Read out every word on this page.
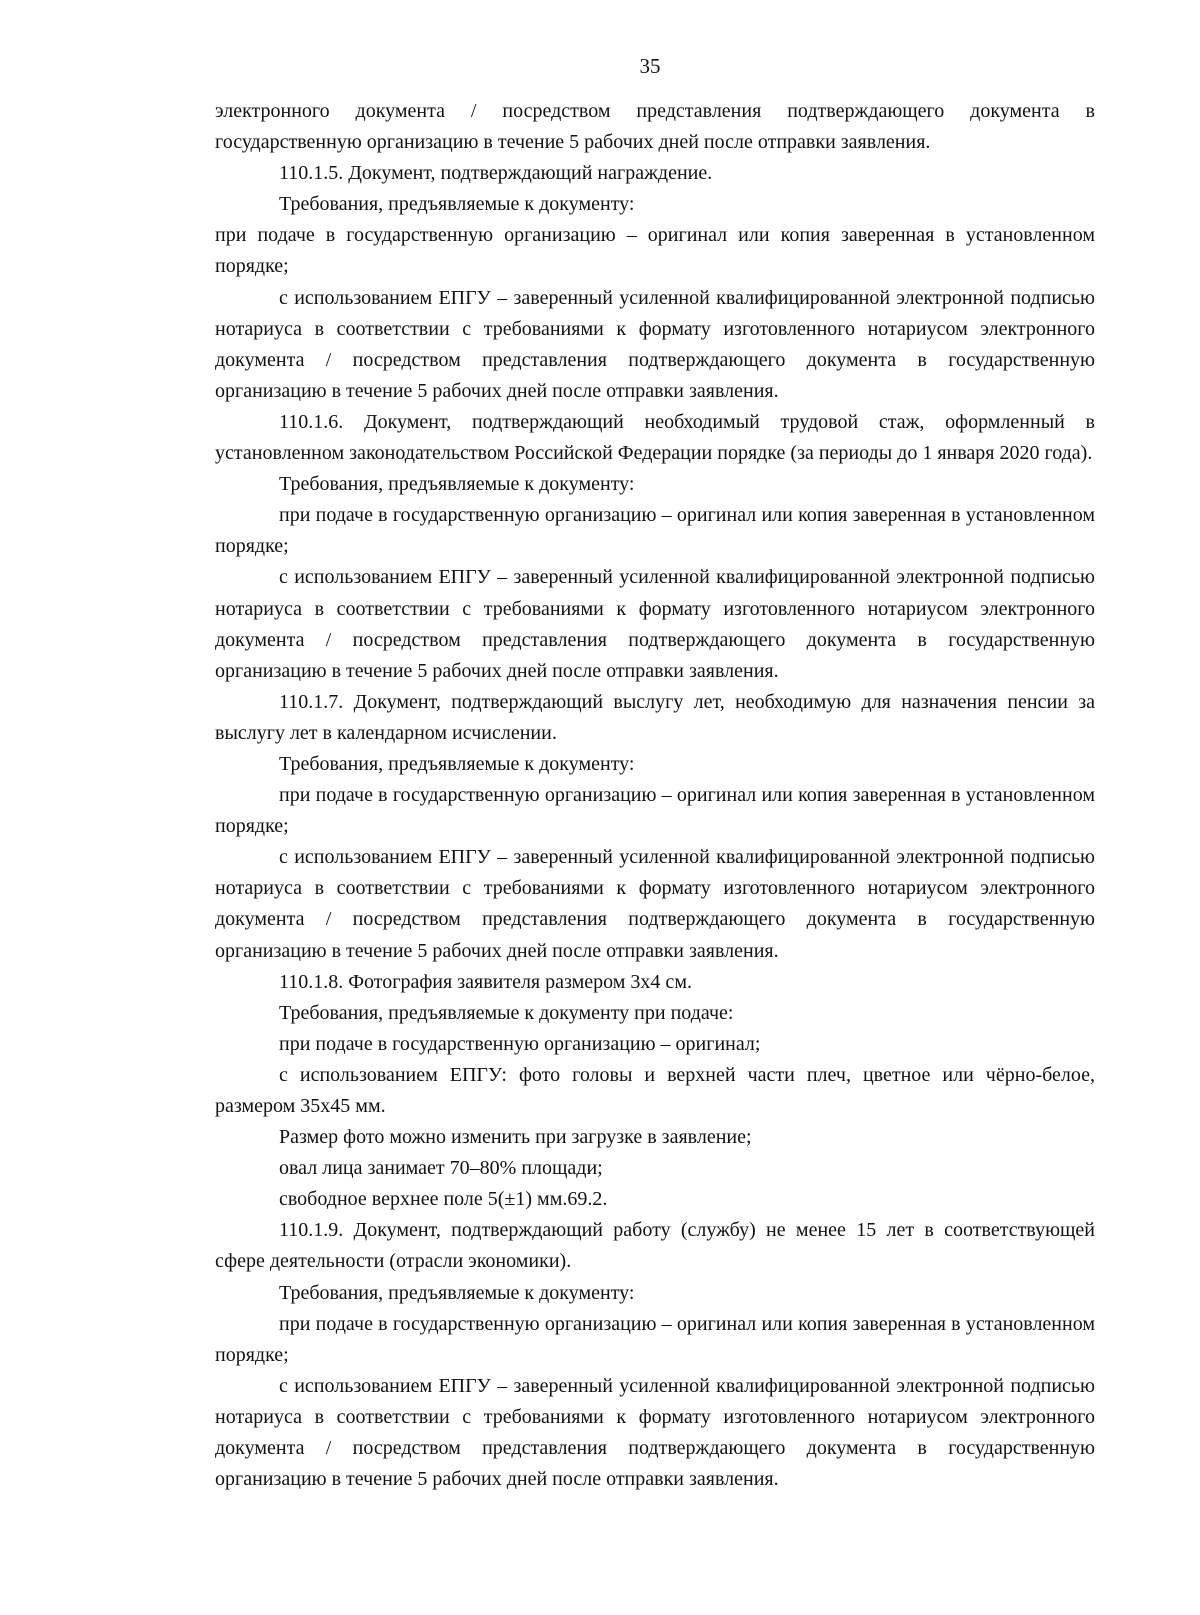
35

электронного документа / посредством представления подтверждающего документа в государственную организацию в течение 5 рабочих дней после отправки заявления.

110.1.5. Документ, подтверждающий награждение.

Требования, предъявляемые к документу:

при подаче в государственную организацию – оригинал или копия заверенная в установленном порядке;

с использованием ЕПГУ – заверенный усиленной квалифицированной электронной подписью нотариуса в соответствии с требованиями к формату изготовленного нотариусом электронного документа / посредством представления подтверждающего документа в государственную организацию в течение 5 рабочих дней после отправки заявления.

110.1.6. Документ, подтверждающий необходимый трудовой стаж, оформленный в установленном законодательством Российской Федерации порядке (за периоды до 1 января 2020 года).

Требования, предъявляемые к документу:

при подаче в государственную организацию – оригинал или копия заверенная в установленном порядке;

с использованием ЕПГУ – заверенный усиленной квалифицированной электронной подписью нотариуса в соответствии с требованиями к формату изготовленного нотариусом электронного документа / посредством представления подтверждающего документа в государственную организацию в течение 5 рабочих дней после отправки заявления.

110.1.7. Документ, подтверждающий выслугу лет, необходимую для назначения пенсии за выслугу лет в календарном исчислении.

Требования, предъявляемые к документу:

при подаче в государственную организацию – оригинал или копия заверенная в установленном порядке;

с использованием ЕПГУ – заверенный усиленной квалифицированной электронной подписью нотариуса в соответствии с требованиями к формату изготовленного нотариусом электронного документа / посредством представления подтверждающего документа в государственную организацию в течение 5 рабочих дней после отправки заявления.

110.1.8. Фотография заявителя размером 3х4 см.

Требования, предъявляемые к документу при подаче:

при подаче в государственную организацию – оригинал;

с использованием ЕПГУ: фото головы и верхней части плеч, цветное или чёрно-белое, размером 35х45 мм.

Размер фото можно изменить при загрузке в заявление;

овал лица занимает 70–80% площади;

свободное верхнее поле 5(±1) мм.69.2.

110.1.9. Документ, подтверждающий работу (службу) не менее 15 лет в соответствующей сфере деятельности (отрасли экономики).

Требования, предъявляемые к документу:

при подаче в государственную организацию – оригинал или копия заверенная в установленном порядке;

с использованием ЕПГУ – заверенный усиленной квалифицированной электронной подписью нотариуса в соответствии с требованиями к формату изготовленного нотариусом электронного документа / посредством представления подтверждающего документа в государственную организацию в течение 5 рабочих дней после отправки заявления.
